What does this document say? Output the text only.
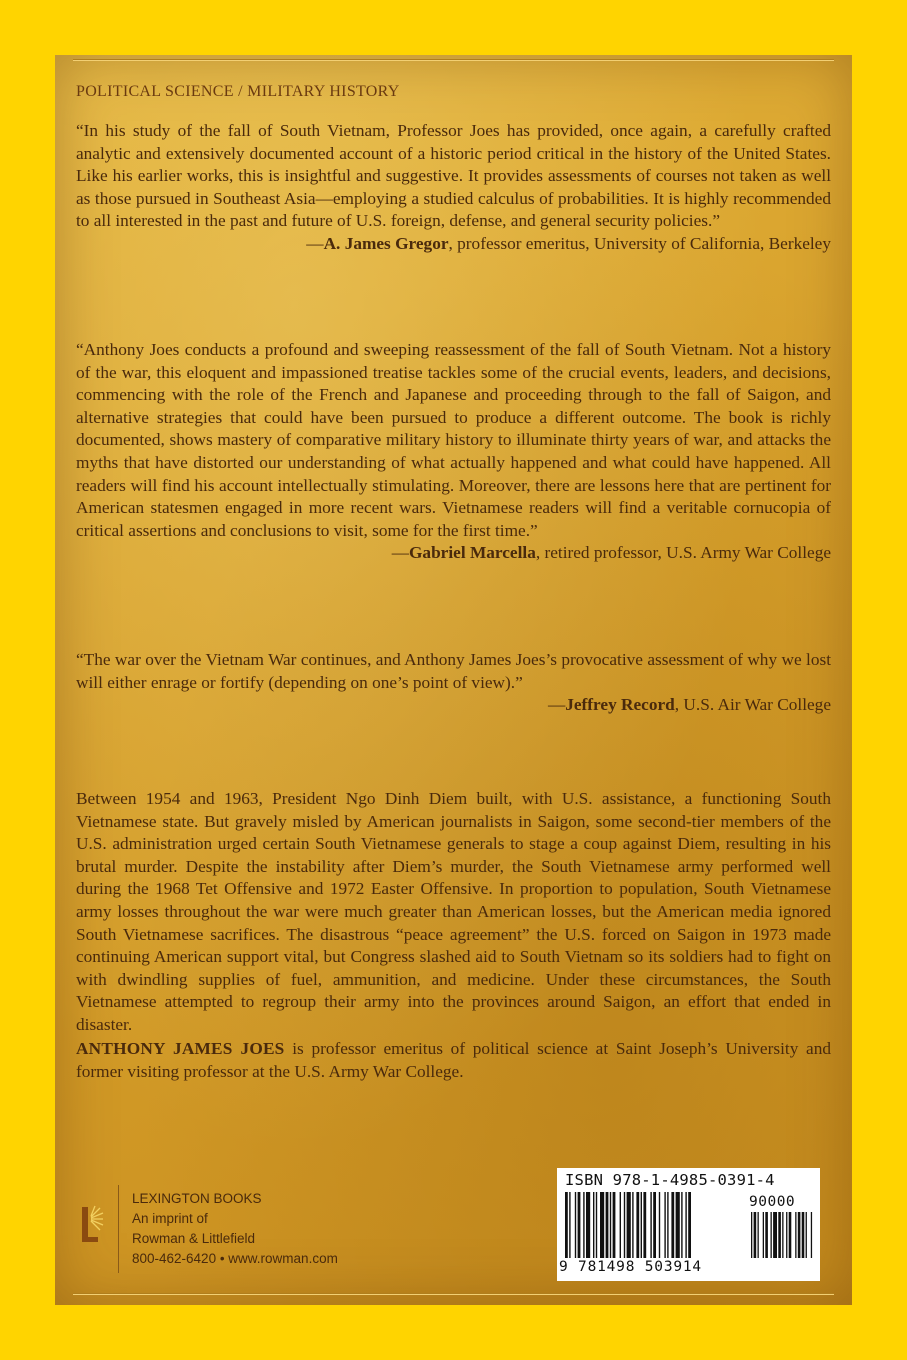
POLITICAL SCIENCE / MILITARY HISTORY

“In his study of the fall of South Vietnam, Professor Joes has provided, once again, a carefully crafted analytic and extensively documented account of a historic period critical in the history of the United States. Like his earlier works, this is insightful and suggestive. It provides assessments of courses not taken as well as those pursued in Southeast Asia—employing a studied calculus of probabilities. It is highly recommended to all interested in the past and future of U.S. foreign, defense, and general security policies.”

—A. James Gregor, professor emeritus, University of California, Berkeley

“Anthony Joes conducts a profound and sweeping reassessment of the fall of South Vietnam. Not a history of the war, this eloquent and impassioned treatise tackles some of the crucial events, leaders, and decisions, commencing with the role of the French and Japanese and proceeding through to the fall of Saigon, and alternative strategies that could have been pursued to produce a different outcome. The book is richly documented, shows mastery of comparative military history to illuminate thirty years of war, and attacks the myths that have distorted our understanding of what actually happened and what could have happened. All readers will find his account intellectually stimulating. Moreover, there are lessons here that are pertinent for American statesmen engaged in more recent wars. Vietnamese readers will find a veritable cornucopia of critical assertions and conclusions to visit, some for the first time.”

—Gabriel Marcella, retired professor, U.S. Army War College

“The war over the Vietnam War continues, and Anthony James Joes’s provocative assessment of why we lost will either enrage or fortify (depending on one’s point of view).”

—Jeffrey Record, U.S. Air War College

Between 1954 and 1963, President Ngo Dinh Diem built, with U.S. assistance, a functioning South Vietnamese state. But gravely misled by American journalists in Saigon, some second-tier members of the U.S. administration urged certain South Vietnamese generals to stage a coup against Diem, resulting in his brutal murder. Despite the instability after Diem’s murder, the South Vietnamese army performed well during the 1968 Tet Offensive and 1972 Easter Offensive. In proportion to population, South Vietnamese army losses throughout the war were much greater than American losses, but the American media ignored South Vietnamese sacrifices. The disastrous “peace agreement” the U.S. forced on Saigon in 1973 made continuing American support vital, but Congress slashed aid to South Vietnam so its soldiers had to fight on with dwindling supplies of fuel, ammunition, and medicine. Under these circumstances, the South Vietnamese attempted to regroup their army into the provinces around Saigon, an effort that ended in disaster.

ANTHONY JAMES JOES is professor emeritus of political science at Saint Joseph’s University and former visiting professor at the U.S. Army War College.

LEXINGTON BOOKS
An imprint of
Rowman & Littlefield
800-462-6420 • www.rowman.com
ISBN 978-1-4985-0391-4
90000
9 781498 503914
